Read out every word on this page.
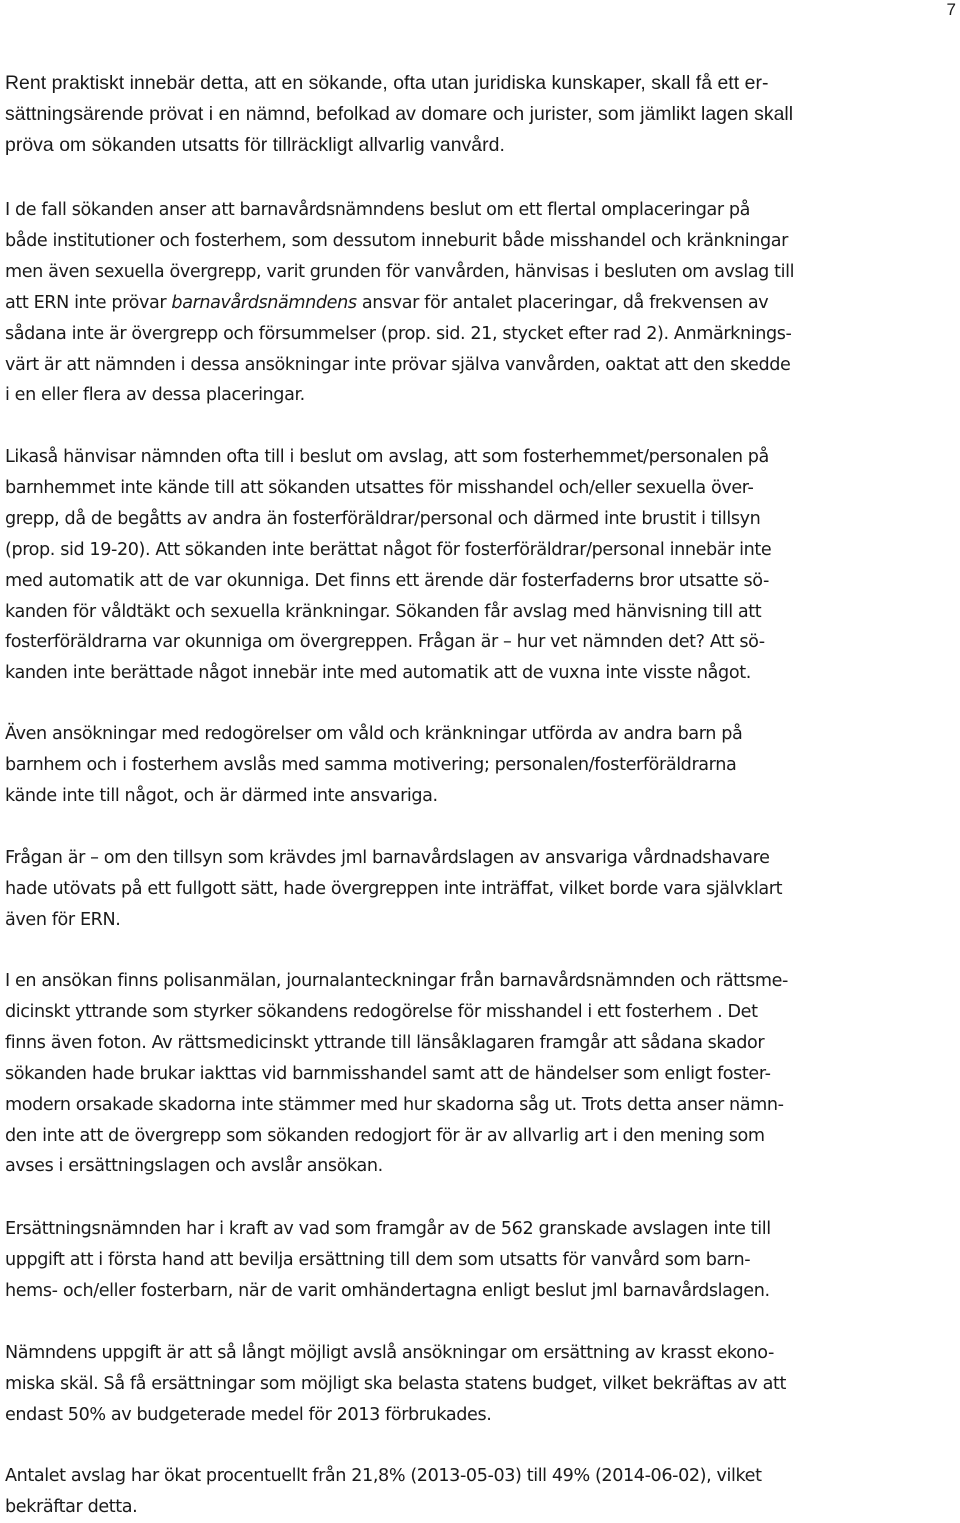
7
Rent praktiskt innebär detta, att en sökande, ofta utan juridiska kunskaper, skall få ett er-
sättningsärende prövat i en nämnd, befolkad av domare och jurister, som jämlikt lagen skall
pröva om sökanden utsatts för tillräckligt allvarlig vanvård.
I de fall sökanden anser att barnavårdsnämndens beslut om ett flertal omplaceringar på
både institutioner och fosterhem, som dessutom inneburit både misshandel och kränkningar
men även sexuella övergrepp, varit grunden för vanvården, hänvisas i besluten om avslag till
att ERN inte prövar barnavårdsnämndens ansvar för antalet placeringar, då frekvensen av
sådana inte är övergrepp och försummelser (prop. sid. 21, stycket efter rad 2). Anmärknings-
värt är att nämnden i dessa ansökningar inte prövar själva vanvården, oaktat att den skedde
i en eller flera av dessa placeringar.
Likaså hänvisar nämnden ofta till i beslut om avslag, att som fosterhemmet/personalen på
barnhemmet inte kände till att sökanden utsattes för misshandel och/eller sexuella över-
grepp, då de begåtts av andra än fosterföräldrar/personal och därmed inte brustit i tillsyn
(prop. sid 19-20). Att sökanden inte berättat något för fosterföräldrar/personal innebär inte
med automatik att de var okunniga. Det finns ett ärende där fosterfaderns bror utsatte sö-
kanden för våldtäkt och sexuella kränkningar. Sökanden får avslag med hänvisning till att
fosterföräldrarna var okunniga om övergreppen. Frågan är – hur vet nämnden det? Att sö-
kanden inte berättade något innebär inte med automatik att de vuxna inte visste något.
Även ansökningar med redogörelser om våld och kränkningar utförda av andra barn på
barnhem och i fosterhem avslås med samma motivering; personalen/fosterföräldrarna
kände inte till något, och är därmed inte ansvariga.
Frågan är – om den tillsyn som krävdes jml barnavårdslagen av ansvariga vårdnadshavare
hade utövats på ett fullgott sätt, hade övergreppen inte inträffat, vilket borde vara självklart
även för ERN.
I en ansökan finns polisanmälan, journalanteckningar från barnavårdsnämnden och rättsme-
dicinskt yttrande som styrker sökandens redogörelse för misshandel i ett fosterhem . Det
finns även foton. Av rättsmedicinskt yttrande till länsåklagaren framgår att sådana skador
sökanden hade brukar iakttas vid barnmisshandel samt att de händelser som enligt foster-
modern orsakade skadorna inte stämmer med hur skadorna såg ut. Trots detta anser nämn-
den inte att de övergrepp som sökanden redogjort för är av allvarlig art i den mening som
avses i ersättningslagen och avslår ansökan.
Ersättningsnämnden har i kraft av vad som framgår av de 562 granskade avslagen inte till
uppgift att i första hand att bevilja ersättning till dem som utsatts för vanvård som barn-
hems- och/eller fosterbarn, när de varit omhändertagna enligt beslut jml barnavårdslagen.
Nämndens uppgift är att så långt möjligt avslå ansökningar om ersättning av krasst ekono-
miska skäl. Så få ersättningar som möjligt ska belasta statens budget, vilket bekräftas av att
endast 50% av budgeterade medel för 2013 förbrukades.
Antalet avslag har ökat procentuellt från 21,8% (2013-05-03) till 49% (2014-06-02), vilket
bekräftar detta.
